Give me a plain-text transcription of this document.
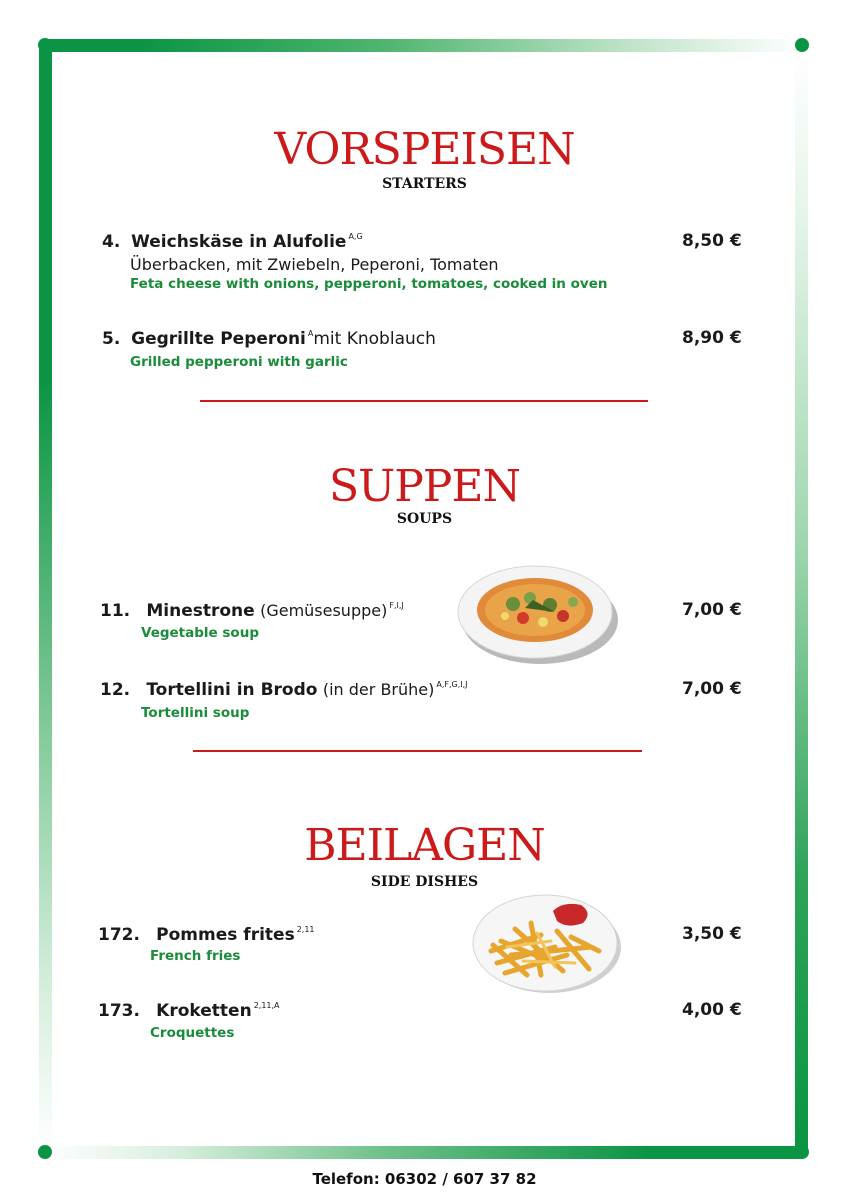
VORSPEISEN
STARTERS
4. Weichskäse in Alufolie $^{A,G}$	8,50 €
Überbacken, mit Zwiebeln, Peperoni, Tomaten
Feta cheese with onions, pepperoni, tomatoes, cooked in oven
5. Gegrillte Peperoni $^A$mit Knoblauch	8,90 €
Grilled pepperoni with garlic
SUPPEN
SOUPS
11. Minestrone (Gemüsesuppe) $^{F,I,J}$	7,00 €
Vegetable soup
12. Tortellini in Brodo (in der Brühe) $^{A,F,G,I,J}$	7,00 €
Tortellini soup
BEILAGEN
SIDE DISHES
172. Pommes frites $^{2,11}$	3,50 €
French fries
173. Kroketten $^{2,11,A}$	4,00 €
Croquettes
Telefon: 06302 / 607 37 82
